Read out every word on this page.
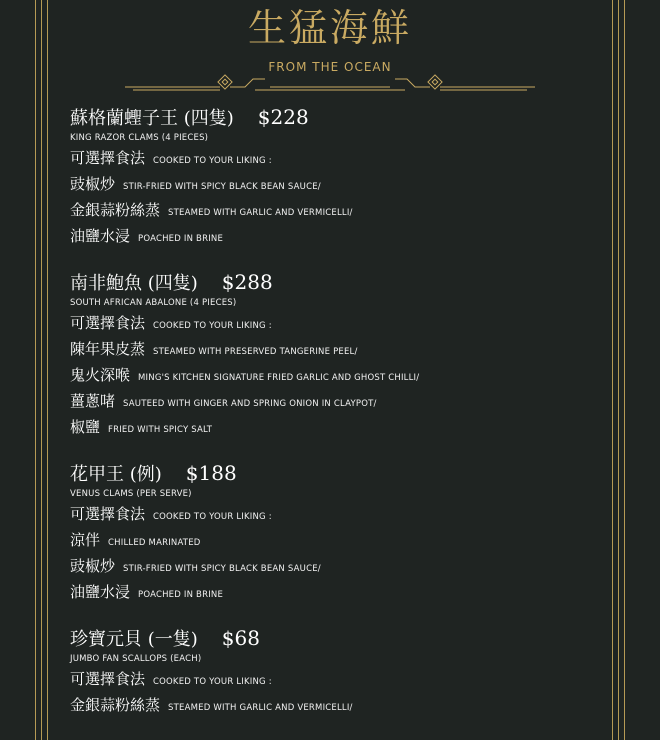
生猛海鮮
FROM THE OCEAN
蘇格蘭蟶子王 (四隻) $228
KING RAZOR CLAMS (4 PIECES)
可選擇食法 COOKED TO YOUR LIKING :
豉椒炒 STIR-FRIED WITH SPICY BLACK BEAN SAUCE/
金銀蒜粉絲蒸 STEAMED WITH GARLIC AND VERMICELLI/
油鹽水浸 POACHED IN BRINE
南非鮑魚 (四隻) $288
SOUTH AFRICAN ABALONE (4 PIECES)
可選擇食法 COOKED TO YOUR LIKING :
陳年果皮蒸 STEAMED WITH PRESERVED TANGERINE PEEL/
鬼火深喉 MING'S KITCHEN SIGNATURE FRIED GARLIC AND GHOST CHILLI/
薑蔥啫 SAUTEED WITH GINGER AND SPRING ONION IN CLAYPOT/
椒鹽 FRIED WITH SPICY SALT
花甲王 (例) $188
VENUS CLAMS (PER SERVE)
可選擇食法 COOKED TO YOUR LIKING :
涼伴 CHILLED MARINATED
豉椒炒 STIR-FRIED WITH SPICY BLACK BEAN SAUCE/
油鹽水浸 POACHED IN BRINE
珍寶元貝 (一隻) $68
JUMBO FAN SCALLOPS (EACH)
可選擇食法 COOKED TO YOUR LIKING :
金銀蒜粉絲蒸 STEAMED WITH GARLIC AND VERMICELLI/
